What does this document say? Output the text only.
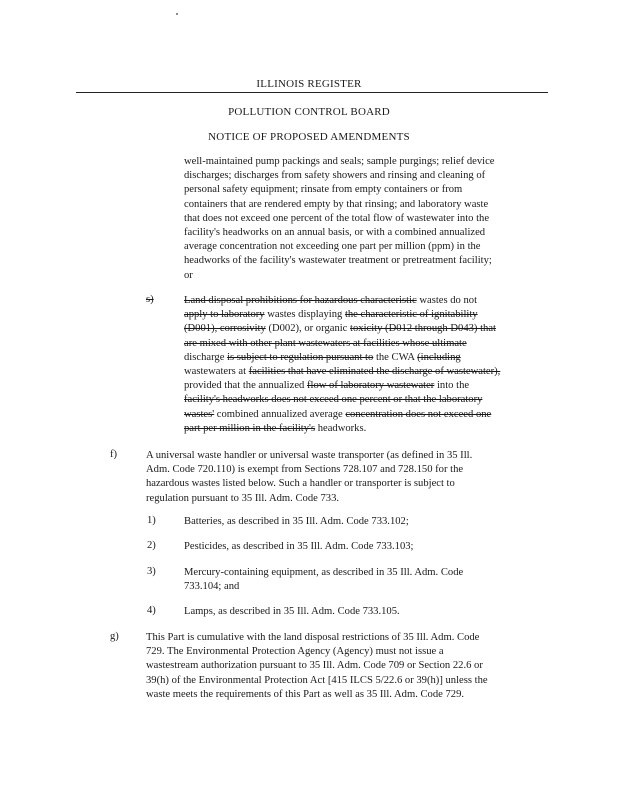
ILLINOIS REGISTER
POLLUTION CONTROL BOARD
NOTICE OF PROPOSED AMENDMENTS
well-maintained pump packings and seals; sample purgings; relief device
discharges; discharges from safety showers and rinsing and cleaning of
personal safety equipment; rinsate from empty containers or from
containers that are rendered empty by that rinsing; and laboratory waste
that does not exceed one percent of the total flow of wastewater into the
facility's headworks on an annual basis, or with a combined annualized
average concentration not exceeding one part per million (ppm) in the
headworks of the facility's wastewater treatment or pretreatment facility;
or
s)	Land disposal prohibitions for hazardous characteristic wastes do not
apply to laboratory wastes displaying the characteristic of ignitability
(D001), corrosivity (D002), or organic toxicity (D012 through D043) that
are mixed with other plant wastewaters at facilities whose ultimate
discharge is subject to regulation pursuant to the CWA (including
wastewaters at facilities that have eliminated the discharge of wastewater),
provided that the annualized flow of laboratory wastewater into the
facility's headworks does not exceed one percent or that the laboratory
wastes' combined annualized average concentration does not exceed one
part per million in the facility's headworks.
f)	A universal waste handler or universal waste transporter (as defined in 35 Ill.
Adm. Code 720.110) is exempt from Sections 728.107 and 728.150 for the
hazardous wastes listed below. Such a handler or transporter is subject to
regulation pursuant to 35 Ill. Adm. Code 733.
1)	Batteries, as described in 35 Ill. Adm. Code 733.102;
2)	Pesticides, as described in 35 Ill. Adm. Code 733.103;
3)	Mercury-containing equipment, as described in 35 Ill. Adm. Code
733.104; and
4)	Lamps, as described in 35 Ill. Adm. Code 733.105.
g)	This Part is cumulative with the land disposal restrictions of 35 Ill. Adm. Code
729. The Environmental Protection Agency (Agency) must not issue a
wastestream authorization pursuant to 35 Ill. Adm. Code 709 or Section 22.6 or
39(h) of the Environmental Protection Act [415 ILCS 5/22.6 or 39(h)] unless the
waste meets the requirements of this Part as well as 35 Ill. Adm. Code 729.
